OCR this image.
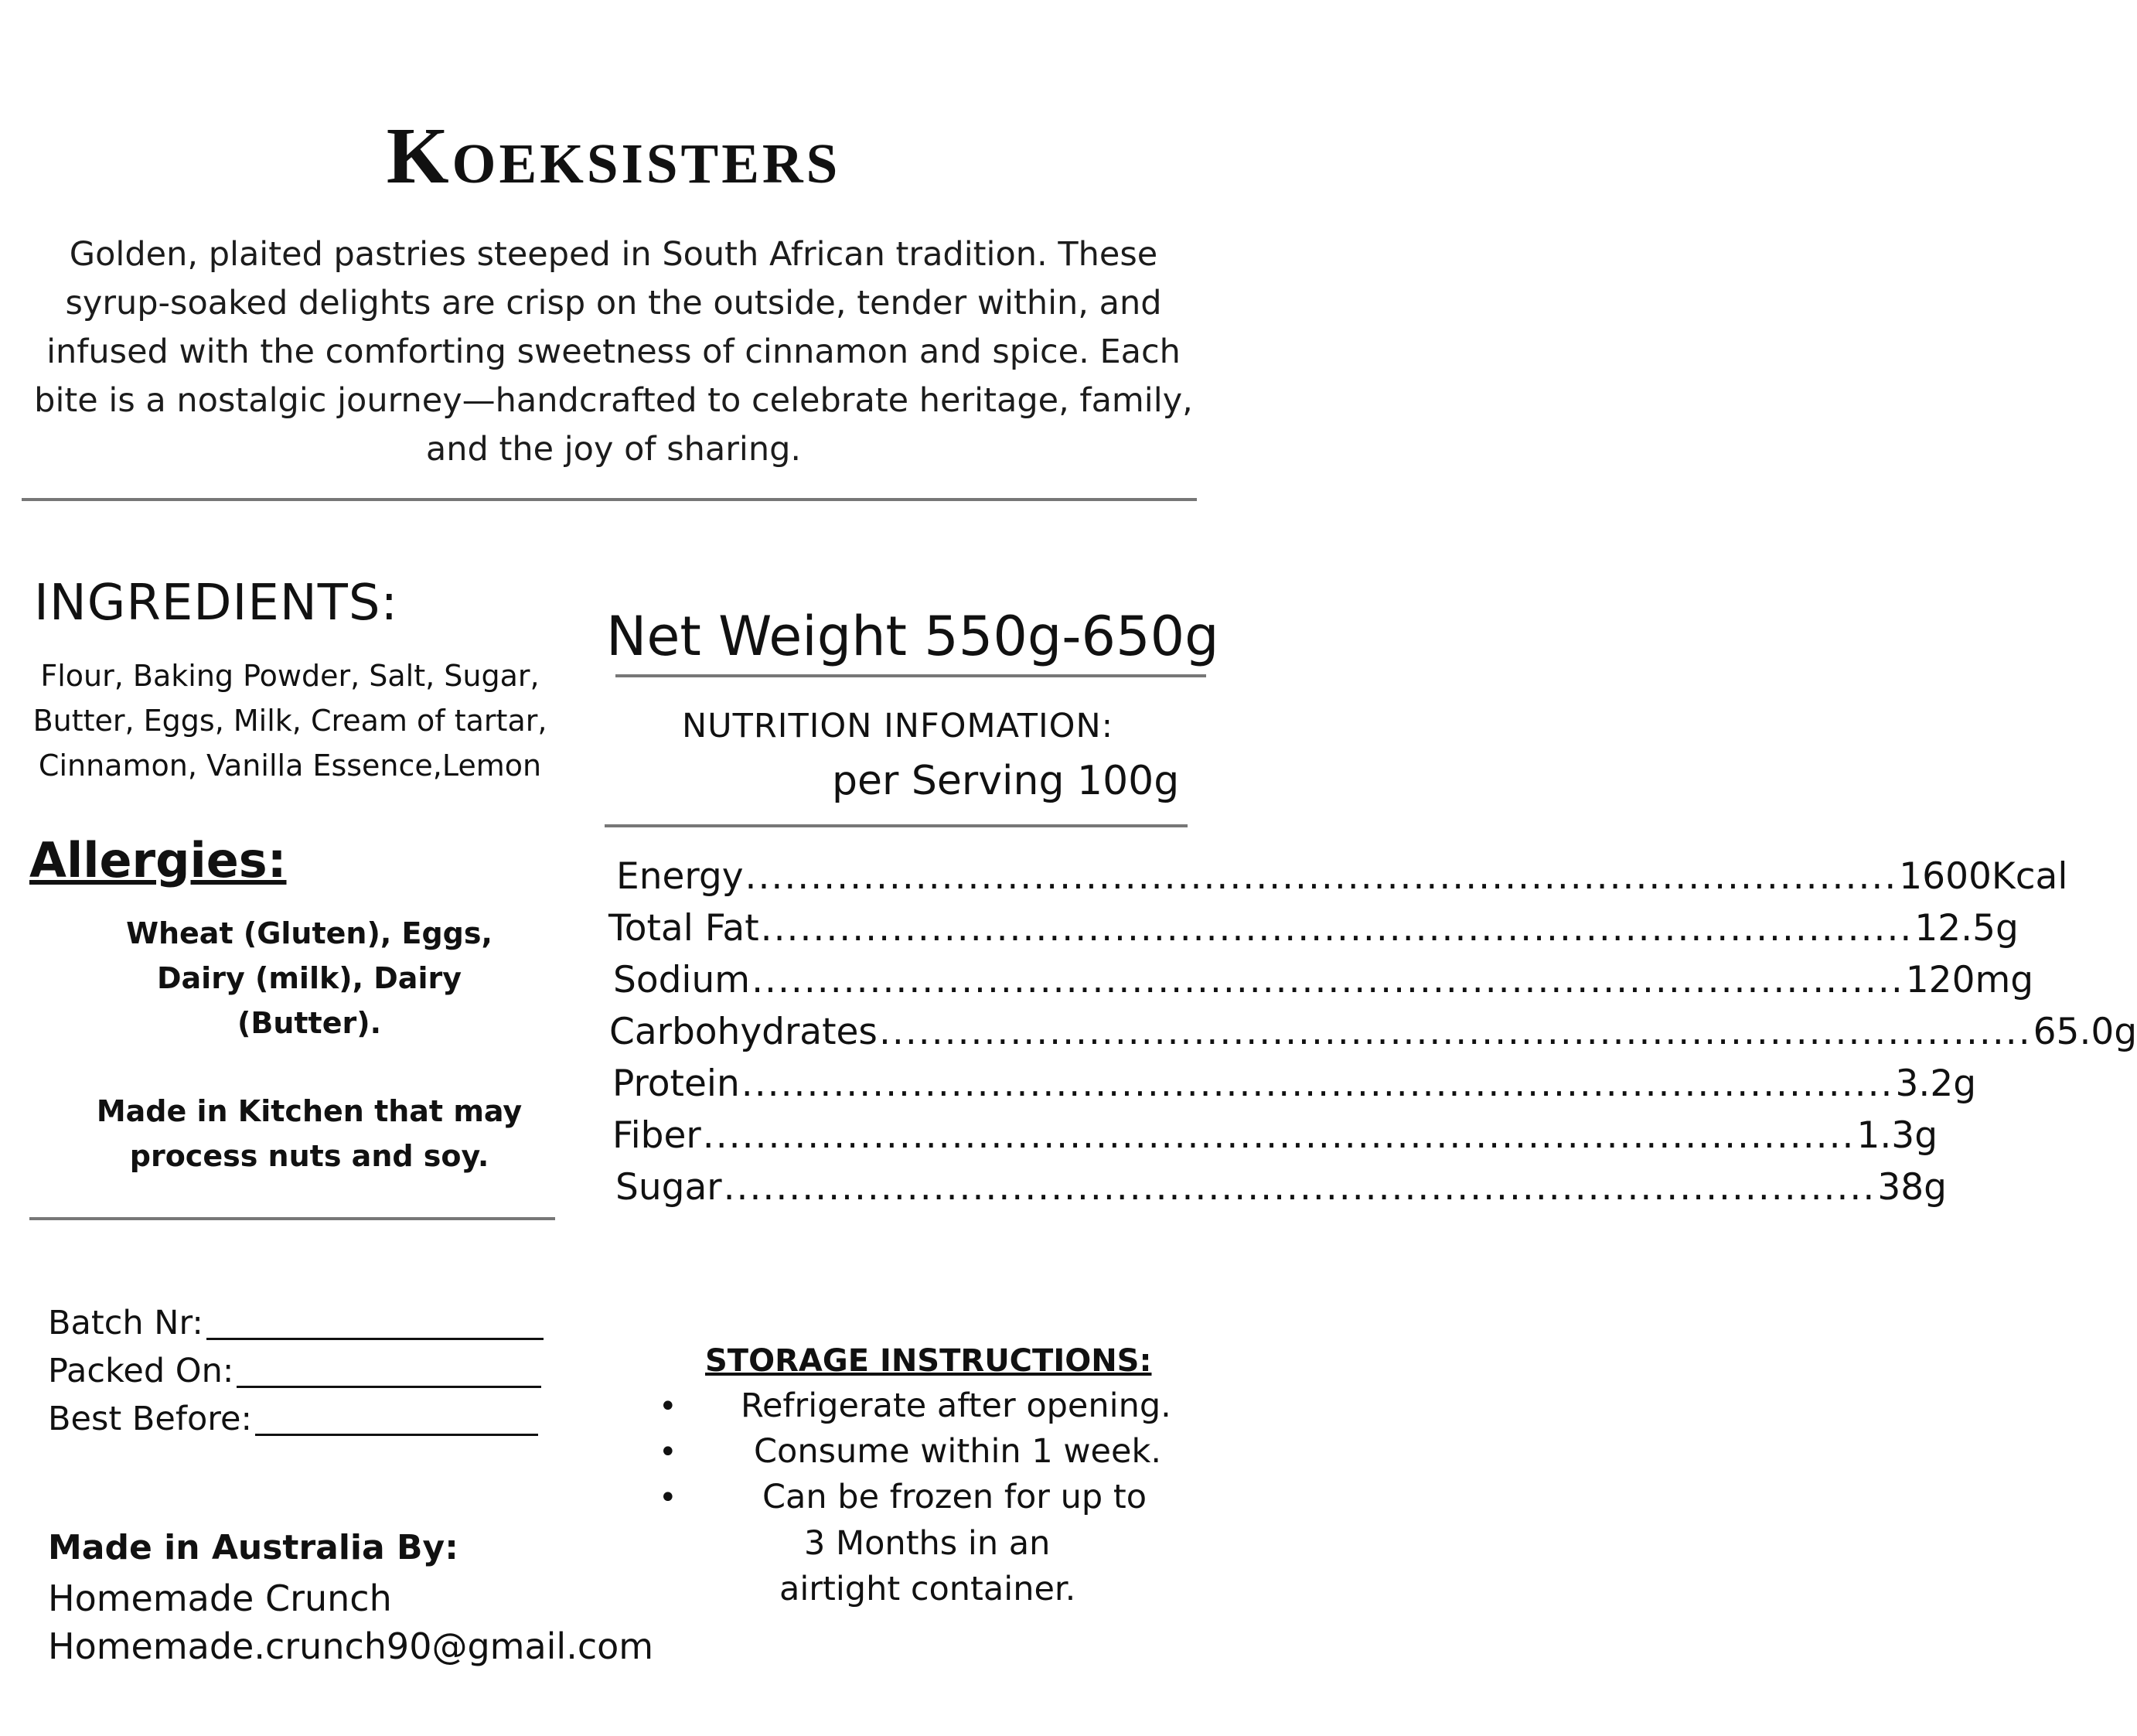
Koeksisters
Golden, plaited pastries steeped in South African tradition. These syrup-soaked delights are crisp on the outside, tender within, and infused with the comforting sweetness of cinnamon and spice. Each bite is a nostalgic journey—handcrafted to celebrate heritage, family, and the joy of sharing.
INGREDIENTS:
Flour, Baking Powder, Salt, Sugar,
Butter, Eggs, Milk, Cream of tartar,
Cinnamon, Vanilla Essence,Lemon
Allergies:
Wheat (Gluten), Eggs,
Dairy (milk), Dairy
(Butter).
Made in Kitchen that may
process nuts and soy.
Net Weight 550g-650g
NUTRITION INFOMATION:
per Serving 100g
Energy ........................................................................................ 1600Kcal
Total Fat ........................................................................................ 12.5g
Sodium ........................................................................................ 120mg
Carbohydrates ........................................................................................ 65.0g
Protein ........................................................................................ 3.2g
Fiber ........................................................................................ 1.3g
Sugar ........................................................................................ 38g
Batch Nr:
Packed On:
Best Before:
STORAGE INSTRUCTIONS:
• Refrigerate after opening.
• Consume within 1 week.
•	Can be frozen for up to
3 Months in an
airtight container.
Made in Australia By:
Homemade Crunch
Homemade.crunch90@gmail.com
